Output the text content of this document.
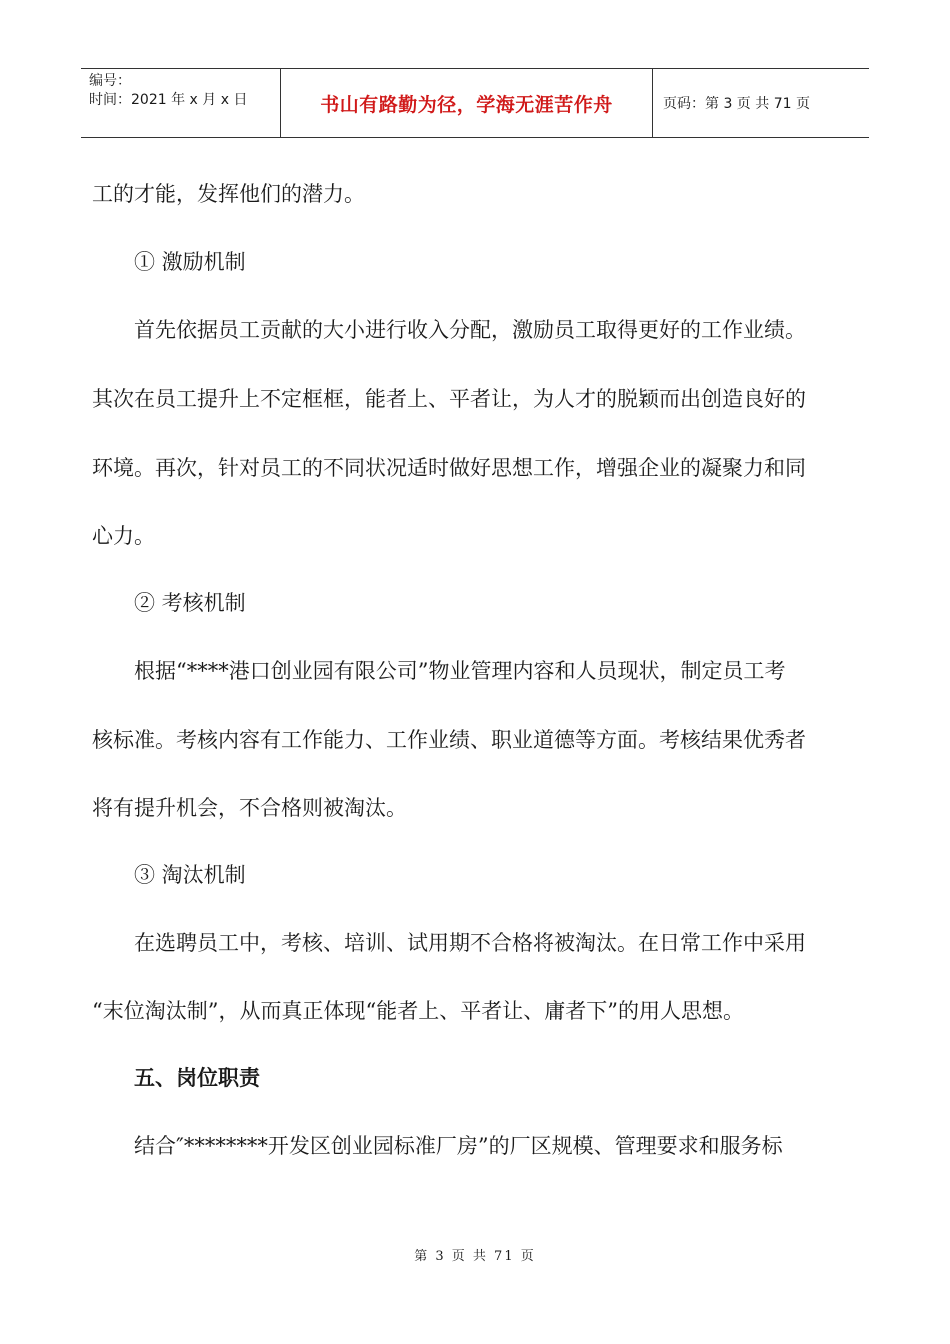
编号：
时间：2021 年 x 月 x 日	书山有路勤为径，学海无涯苦作舟	页码：第 3 页 共 71 页

工的才能，发挥他们的潜力。

① 激励机制

首先依据员工贡献的大小进行收入分配，激励员工取得更好的工作业绩。

其次在员工提升上不定框框，能者上、平者让，为人才的脱颖而出创造良好的

环境。再次，针对员工的不同状况适时做好思想工作，增强企业的凝聚力和同

心力。

② 考核机制

根据“****港口创业园有限公司”物业管理内容和人员现状，制定员工考

核标准。考核内容有工作能力、工作业绩、职业道德等方面。考核结果优秀者

将有提升机会，不合格则被淘汰。

③ 淘汰机制

在选聘员工中，考核、培训、试用期不合格将被淘汰。在日常工作中采用

“末位淘汰制”，从而真正体现“能者上、平者让、庸者下”的用人思想。

五、岗位职责

结合″********开发区创业园标准厂房”的厂区规模、管理要求和服务标

第 3 页 共 71 页
